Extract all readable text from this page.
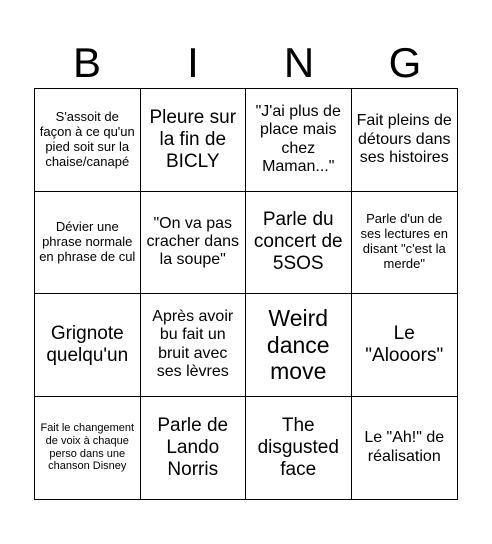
B	I	N	G
S'assoit de façon à ce qu'un pied soit sur la chaise/canapé
Pleure sur la fin de BICLY
"J'ai plus de place mais chez Maman..."
Fait pleins de détours dans ses histoires
Dévier une phrase normale en phrase de cul
"On va pas cracher dans la soupe"
Parle du concert de 5SOS
Parle d'un de ses lectures en disant "c'est la merde"
Grignote quelqu'un
Après avoir bu fait un bruit avec ses lèvres
Weird dance move
Le "Alooors"
Fait le changement de voix à chaque perso dans une chanson Disney
Parle de Lando Norris
The disgusted face
Le "Ah!" de réalisation
